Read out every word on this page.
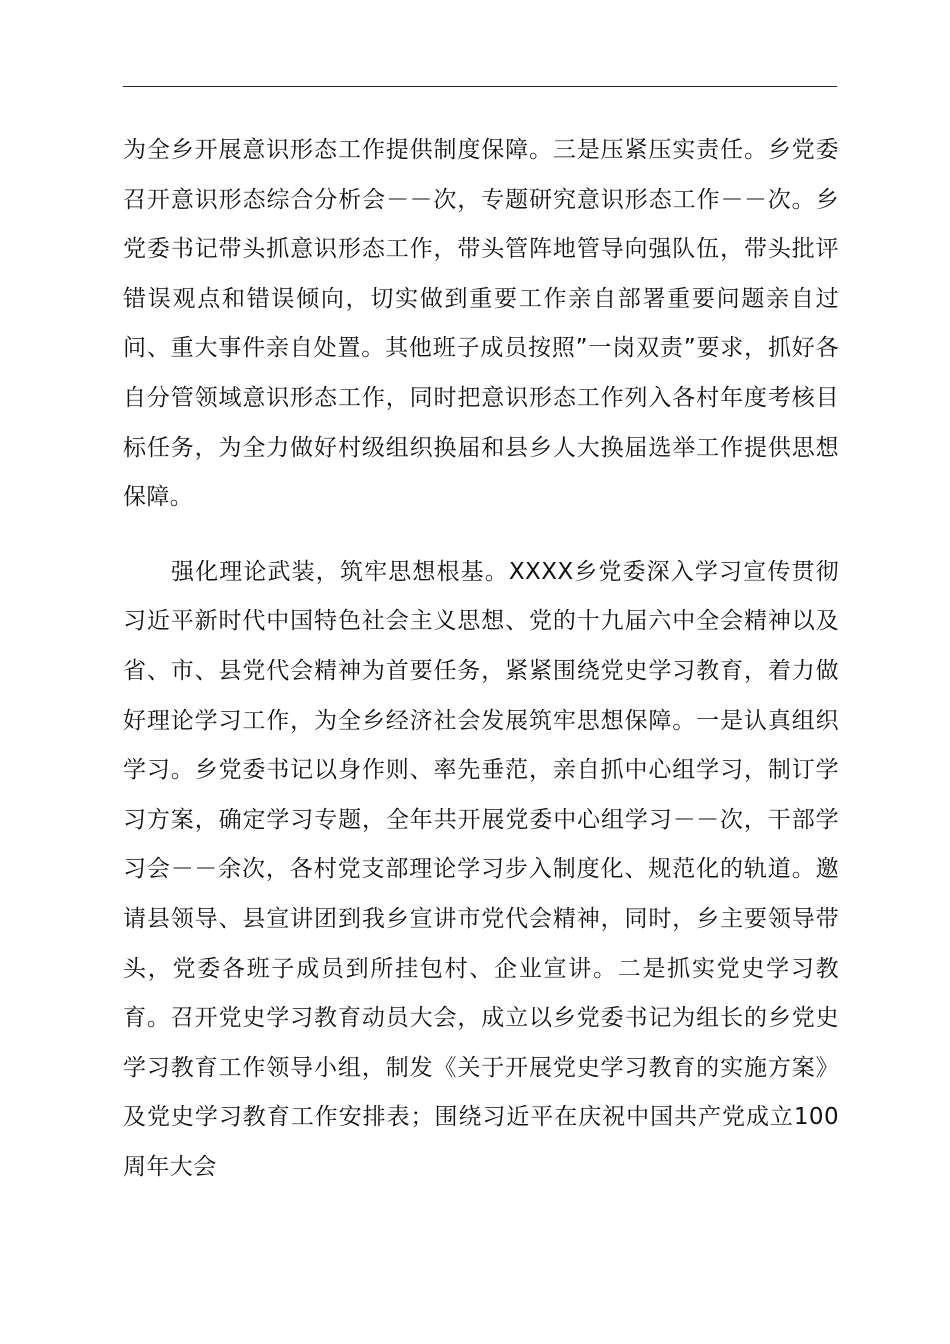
为全乡开展意识形态工作提供制度保障。三是压紧压实责任。乡党委召开意识形态综合分析会－－次，专题研究意识形态工作－－次。乡党委书记带头抓意识形态工作，带头管阵地管导向强队伍，带头批评错误观点和错误倾向，切实做到重要工作亲自部署重要问题亲自过问、重大事件亲自处置。其他班子成员按照”一岗双责”要求，抓好各自分管领域意识形态工作，同时把意识形态工作列入各村年度考核目标任务，为全力做好村级组织换届和县乡人大换届选举工作提供思想保障。

强化理论武装，筑牢思想根基。XXXX乡党委深入学习宣传贯彻习近平新时代中国特色社会主义思想、党的十九届六中全会精神以及省、市、县党代会精神为首要任务，紧紧围绕党史学习教育，着力做好理论学习工作，为全乡经济社会发展筑牢思想保障。一是认真组织学习。乡党委书记以身作则、率先垂范，亲自抓中心组学习，制订学习方案，确定学习专题，全年共开展党委中心组学习－－次，干部学习会－－余次，各村党支部理论学习步入制度化、规范化的轨道。邀请县领导、县宣讲团到我乡宣讲市党代会精神，同时，乡主要领导带头，党委各班子成员到所挂包村、企业宣讲。二是抓实党史学习教育。召开党史学习教育动员大会，成立以乡党委书记为组长的乡党史学习教育工作领导小组，制发《关于开展党史学习教育的实施方案》及党史学习教育工作安排表；围绕习近平在庆祝中国共产党成立100周年大会
